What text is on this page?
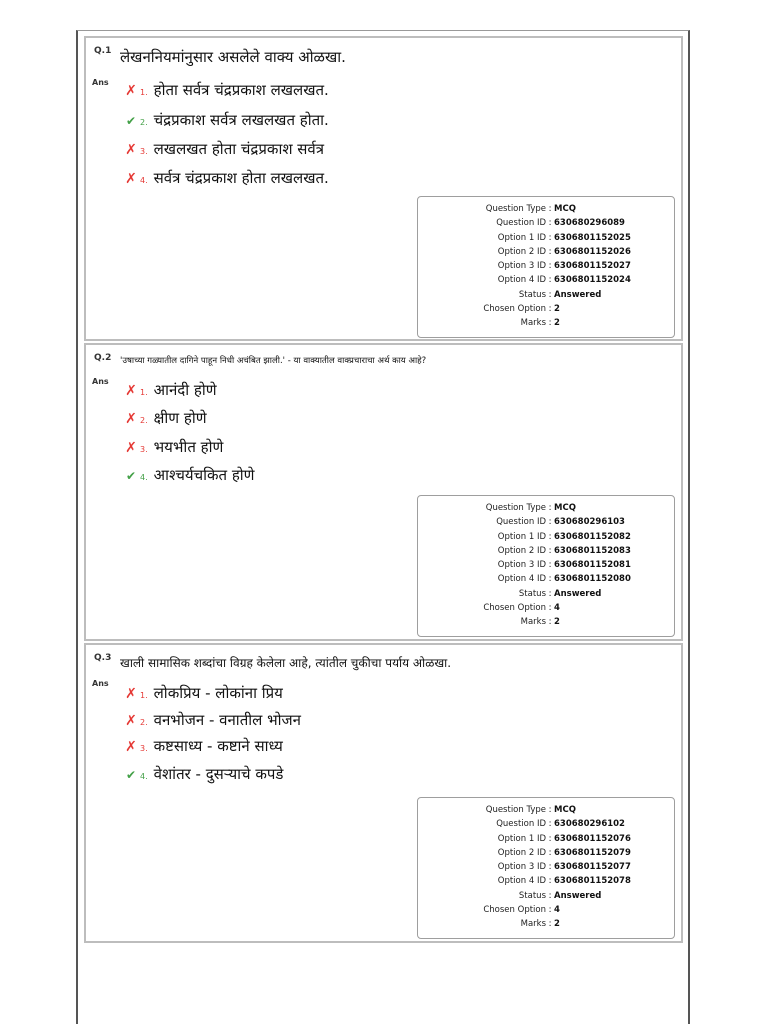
Q.1 लेखननियमांनुसार असलेले वाक्य ओळखा.
Ans
✗ 1. होता सर्वत्र चंद्रप्रकाश लखलखत.
✔ 2. चंद्रप्रकाश सर्वत्र लखलखत होता.
✗ 3. लखलखत होता चंद्रप्रकाश सर्वत्र
✗ 4. सर्वत्र चंद्रप्रकाश होता लखलखत.
Question Type : MCQ
Question ID : 6306802960​89
Option 1 ID : 6306801152025
Option 2 ID : 6306801152026
Option 3 ID : 6306801152027
Option 4 ID : 6306801152024
Status : Answered
Chosen Option : 2
Marks : 2
Q.2 'उषाच्या गळ्यातील दागिने पाहून निधी अचंबित झाली.' - या वाक्यातील वाक्प्रचाराचा अर्थ काय आहे?
Ans
✗ 1. आनंदी होणे
✗ 2. क्षीण होणे
✗ 3. भयभीत होणे
✔ 4. आश्चर्यचकित होणे
Question Type : MCQ
Question ID : 630680296103
Option 1 ID : 6306801152082
Option 2 ID : 6306801152083
Option 3 ID : 6306801152081
Option 4 ID : 6306801152080
Status : Answered
Chosen Option : 4
Marks : 2
Q.3 खाली सामासिक शब्दांचा विग्रह केलेला आहे, त्यांतील चुकीचा पर्याय ओळखा.
Ans
✗ 1. लोकप्रिय - लोकांना प्रिय
✗ 2. वनभोजन - वनातील भोजन
✗ 3. कष्टसाध्य - कष्टाने साध्य
✔ 4. वेशांतर - दुसऱ्याचे कपडे
Question Type : MCQ
Question ID : 630680296102
Option 1 ID : 6306801152076
Option 2 ID : 6306801152079
Option 3 ID : 6306801152077
Option 4 ID : 6306801152078
Status : Answered
Chosen Option : 4
Marks : 2
